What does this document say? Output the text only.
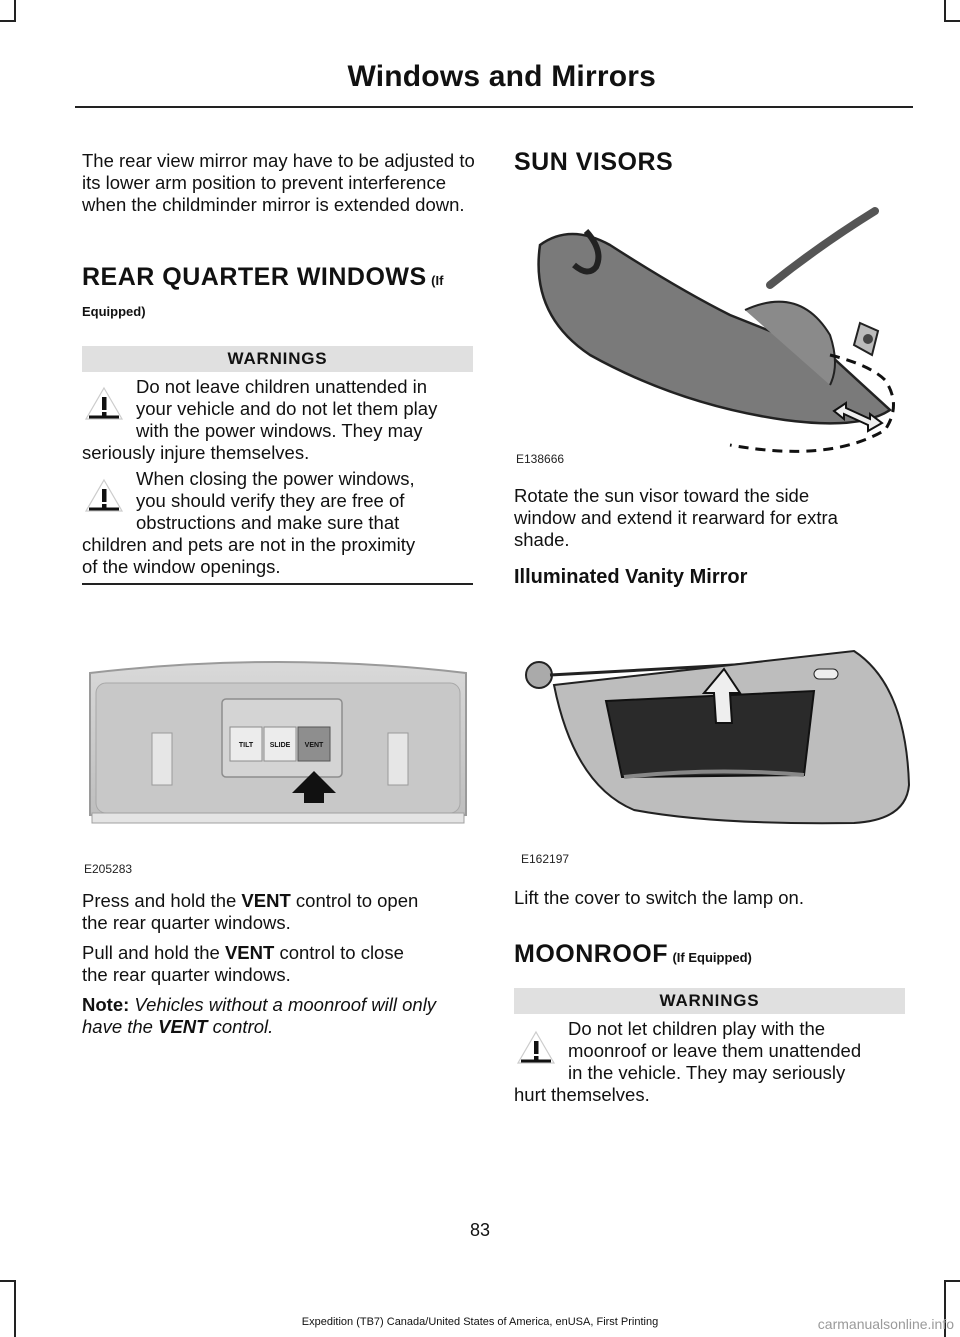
Windows and Mirrors
The rear view mirror may have to be adjusted to its lower arm position to prevent interference when the childminder mirror is extended down.
REAR QUARTER WINDOWS (If
Equipped)
WARNINGS
Do not leave children unattended in
your vehicle and do not let them play
with the power windows. They may
seriously injure themselves.
When closing the power windows,
you should verify they are free of
obstructions and make sure that
children and pets are not in the proximity
of the window openings.
TILT SLIDE VENT
E205283
Press and hold the VENT control to open
the rear quarter windows.
Pull and hold the VENT control to close
the rear quarter windows.
Note: Vehicles without a moonroof will only
have the VENT control.
SUN VISORS
E138666
Rotate the sun visor toward the side
window and extend it rearward for extra
shade.
Illuminated Vanity Mirror
E162197
Lift the cover to switch the lamp on.
MOONROOF (If Equipped)
WARNINGS
Do not let children play with the
moonroof or leave them unattended
in the vehicle. They may seriously
hurt themselves.
83
Expedition (TB7) Canada/United States of America, enUSA, First Printing	carmanualsonline.info
